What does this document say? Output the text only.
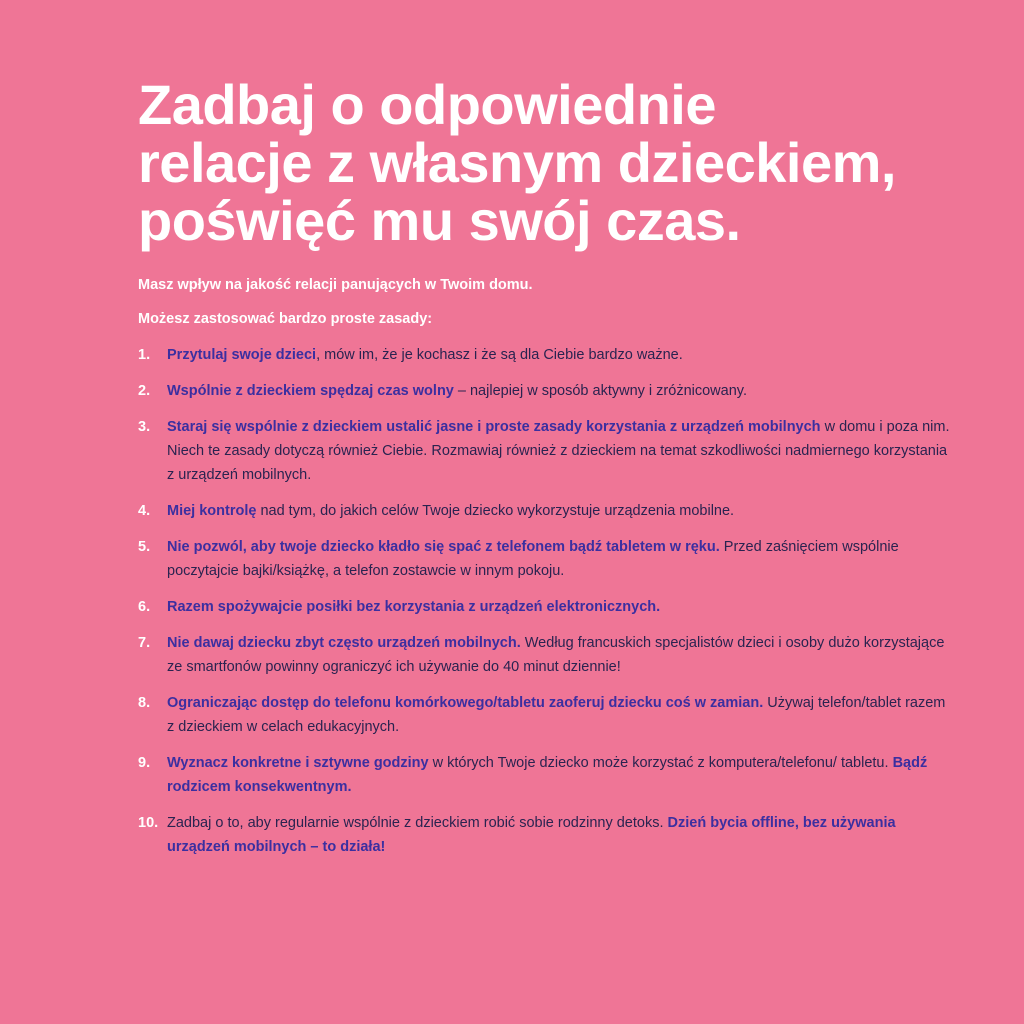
Zadbaj o odpowiednie
relacje z własnym dzieckiem,
poświęć mu swój czas.

Masz wpływ na jakość relacji panujących w Twoim domu.

Możesz zastosować bardzo proste zasady:

1. Przytulaj swoje dzieci, mów im, że je kochasz i że są dla Ciebie bardzo ważne.
2. Wspólnie z dzieckiem spędzaj czas wolny – najlepiej w sposób aktywny i zróżnicowany.
3. Staraj się wspólnie z dzieckiem ustalić jasne i proste zasady korzystania z urządzeń mobilnych w domu i poza nim. Niech te zasady dotyczą również Ciebie. Rozmawiaj również z dzieckiem na temat szkodliwości nadmiernego korzystania z urządzeń mobilnych.
4. Miej kontrolę nad tym, do jakich celów Twoje dziecko wykorzystuje urządzenia mobilne.
5. Nie pozwól, aby twoje dziecko kładło się spać z telefonem bądź tabletem w ręku. Przed zaśnięciem wspólnie poczytajcie bajki/książkę, a telefon zostawcie w innym pokoju.
6. Razem spożywajcie posiłki bez korzystania z urządzeń elektronicznych.
7. Nie dawaj dziecku zbyt często urządzeń mobilnych. Według francuskich specjalistów dzieci i osoby dużo korzystające ze smartfonów powinny ograniczyć ich używanie do 40 minut dziennie!
8. Ograniczając dostęp do telefonu komórkowego/tabletu zaoferuj dziecku coś w zamian. Używaj telefon/tablet razem z dzieckiem w celach edukacyjnych.
9. Wyznacz konkretne i sztywne godziny w których Twoje dziecko może korzystać z komputera/telefonu/ tabletu. Bądź rodzicem konsekwentnym.
10. Zadbaj o to, aby regularnie wspólnie z dzieckiem robić sobie rodzinny detoks. Dzień bycia offline, bez używania urządzeń mobilnych – to działa!
